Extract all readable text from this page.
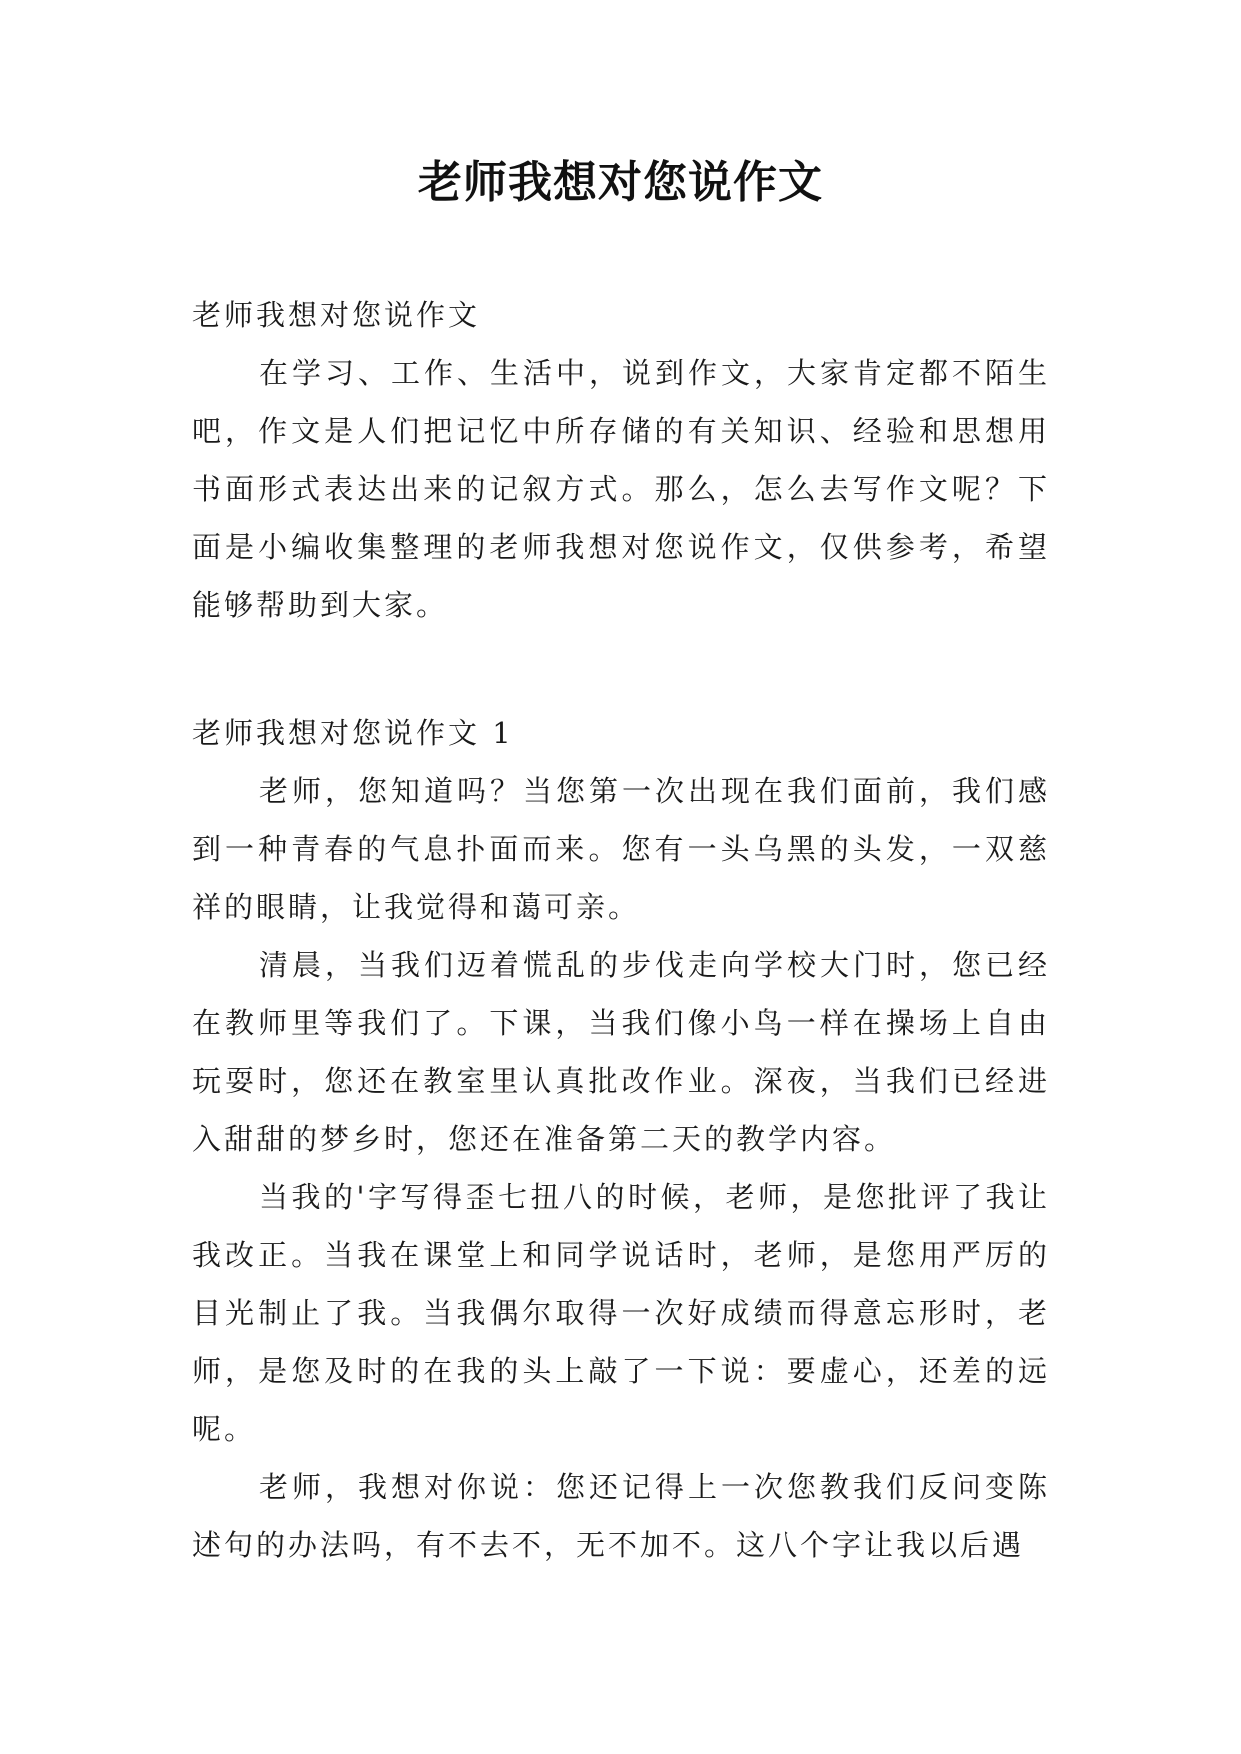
老师我想对您说作文

老师我想对您说作文

在学习、工作、生活中，说到作文，大家肯定都不陌生吧，作文是人们把记忆中所存储的有关知识、经验和思想用书面形式表达出来的记叙方式。那么，怎么去写作文呢？下面是小编收集整理的老师我想对您说作文，仅供参考，希望能够帮助到大家。

老师我想对您说作文 1

老师，您知道吗？当您第一次出现在我们面前，我们感到一种青春的气息扑面而来。您有一头乌黑的头发，一双慈祥的眼睛，让我觉得和蔼可亲。

清晨，当我们迈着慌乱的步伐走向学校大门时，您已经在教师里等我们了。下课，当我们像小鸟一样在操场上自由玩耍时，您还在教室里认真批改作业。深夜，当我们已经进入甜甜的梦乡时，您还在准备第二天的教学内容。

当我的'字写得歪七扭八的时候，老师，是您批评了我让我改正。当我在课堂上和同学说话时，老师，是您用严厉的目光制止了我。当我偶尔取得一次好成绩而得意忘形时，老师，是您及时的在我的头上敲了一下说：要虚心，还差的远呢。

老师，我想对你说：您还记得上一次您教我们反问变陈述句的办法吗，有不去不，无不加不。这八个字让我以后遇
